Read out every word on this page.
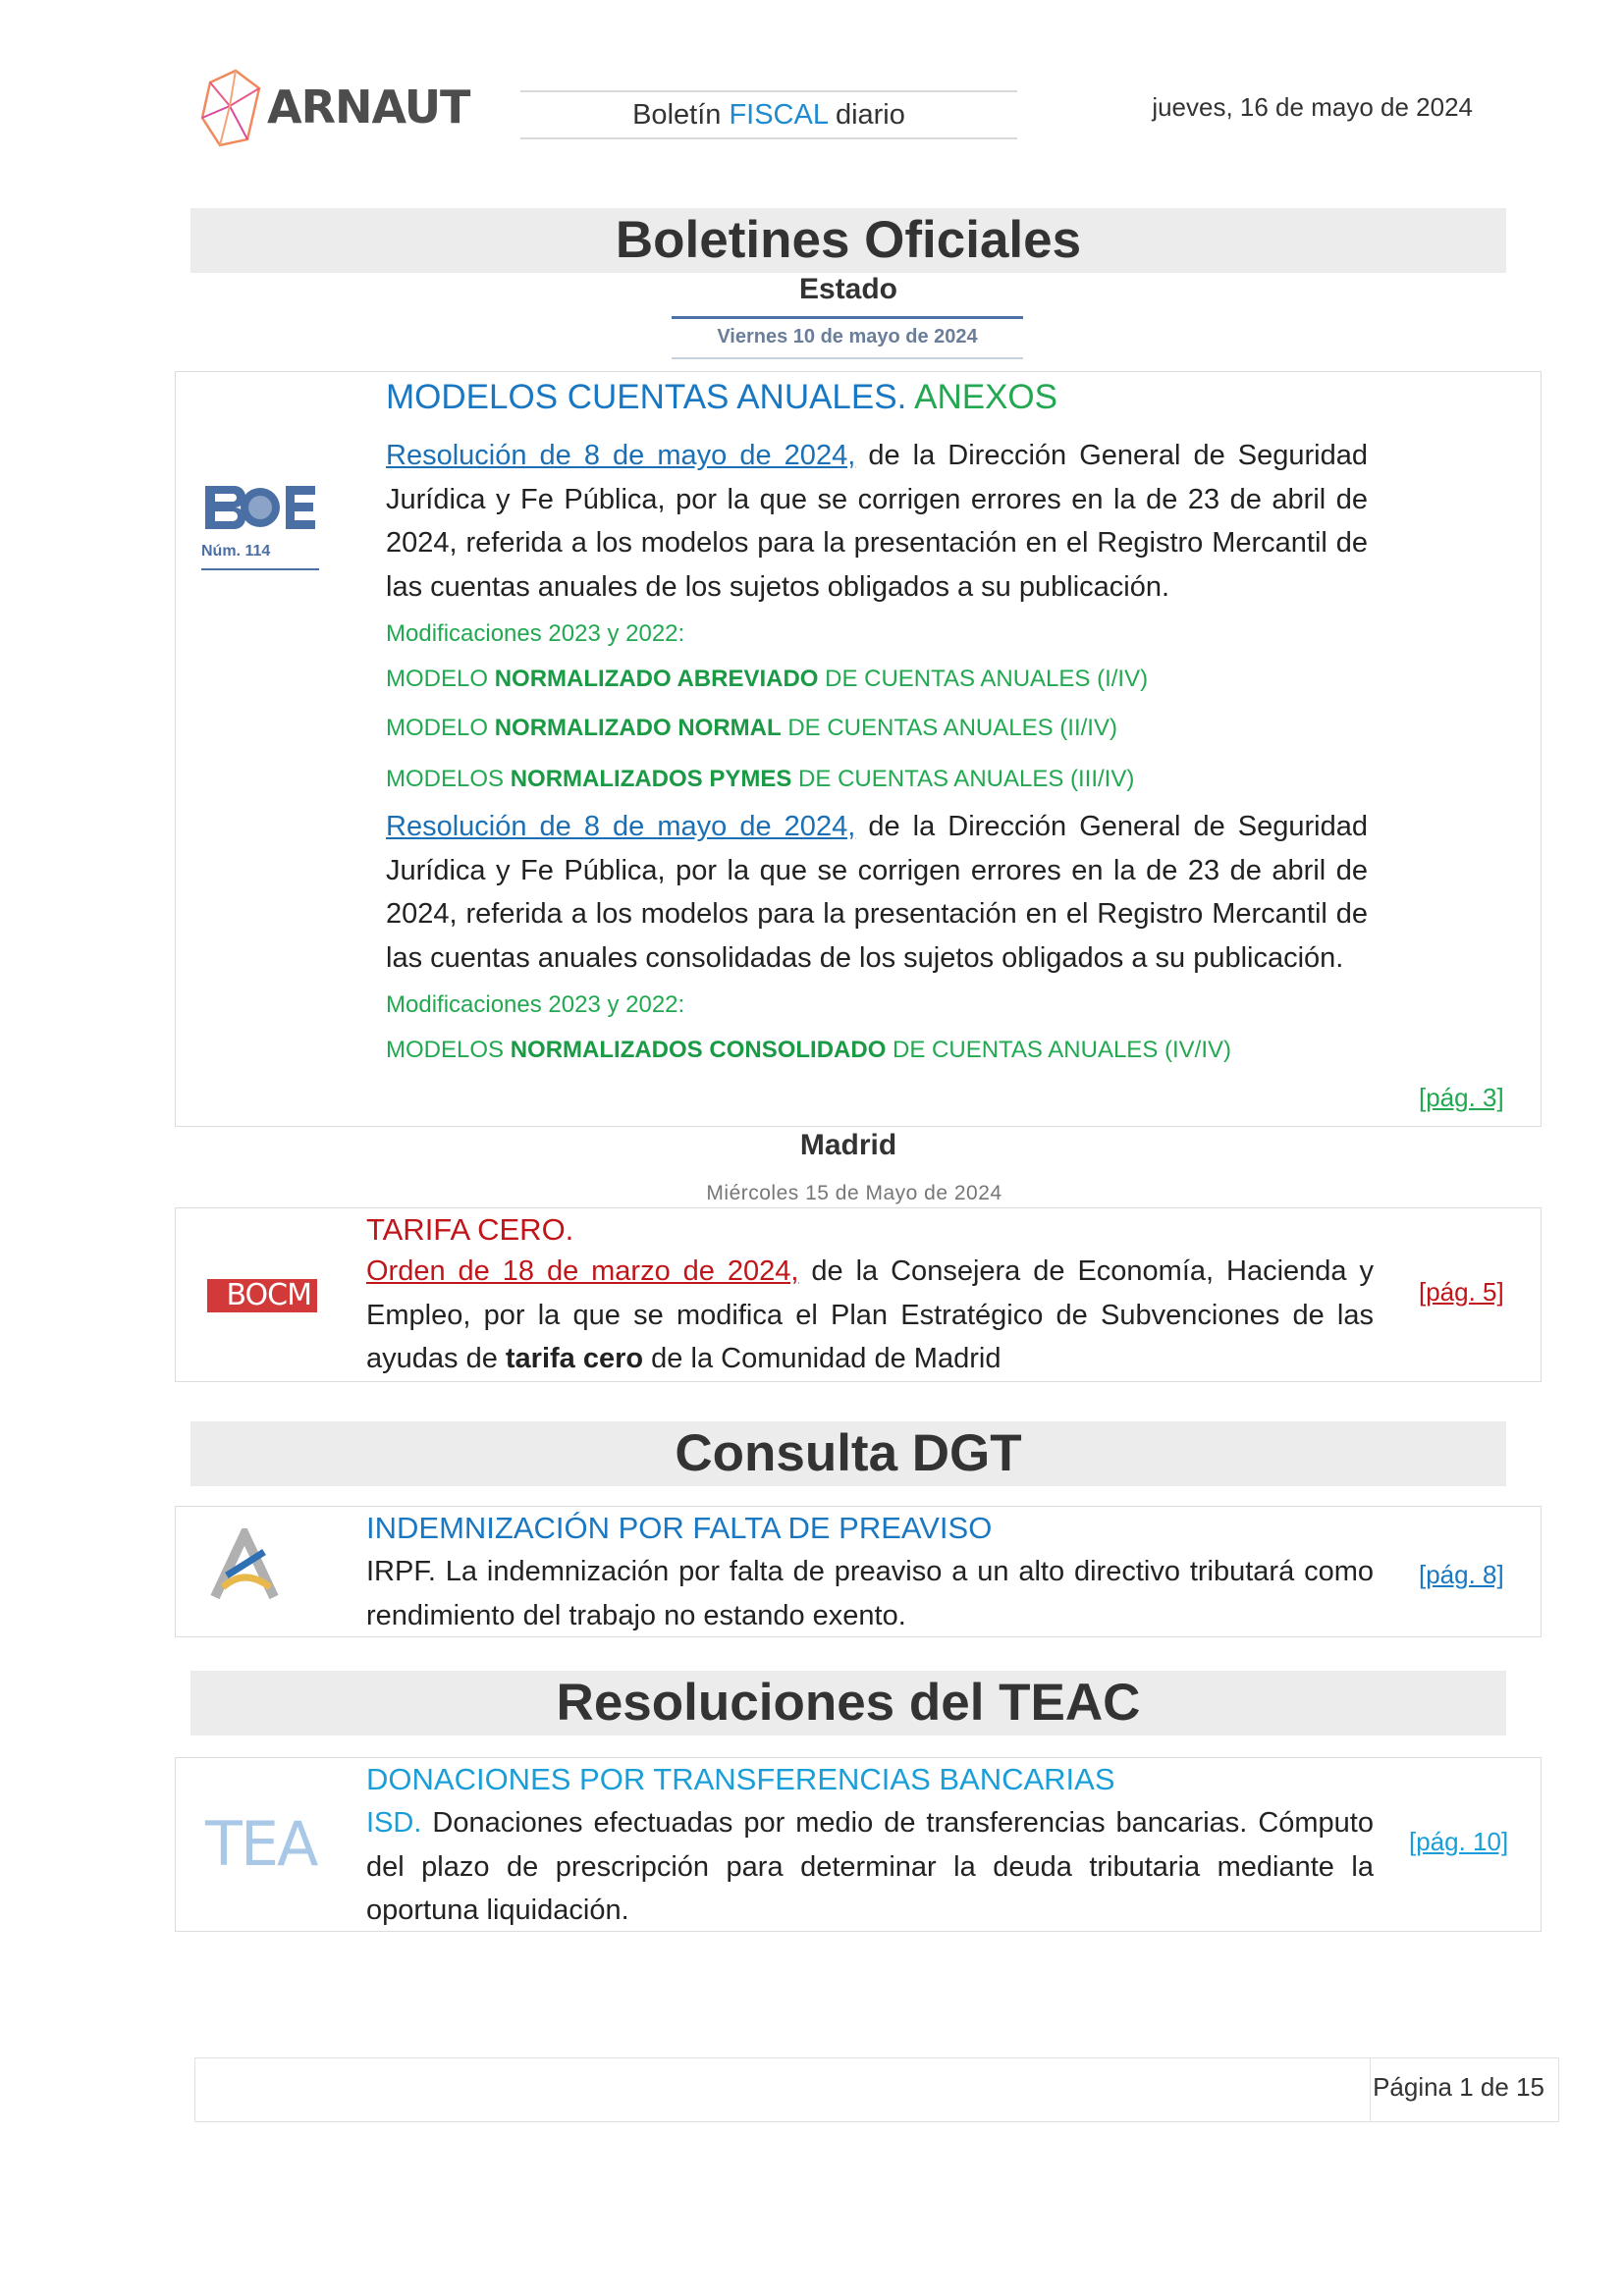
ARNAUT	Boletín FISCAL diario	jueves, 16 de mayo de 2024
Boletines Oficiales
Estado
Viernes 10 de mayo de 2024
Núm. 114
MODELOS CUENTAS ANUALES. ANEXOS

Resolución de 8 de mayo de 2024, de la Dirección General de Seguridad Jurídica y Fe Pública, por la que se corrigen errores en la de 23 de abril de 2024, referida a los modelos para la presentación en el Registro Mercantil de las cuentas anuales de los sujetos obligados a su publicación.

Modificaciones 2023 y 2022:
MODELO NORMALIZADO ABREVIADO DE CUENTAS ANUALES (I/IV)
MODELO NORMALIZADO NORMAL DE CUENTAS ANUALES (II/IV)
MODELOS NORMALIZADOS PYMES DE CUENTAS ANUALES (III/IV)

Resolución de 8 de mayo de 2024, de la Dirección General de Seguridad Jurídica y Fe Pública, por la que se corrigen errores en la de 23 de abril de 2024, referida a los modelos para la presentación en el Registro Mercantil de las cuentas anuales consolidadas de los sujetos obligados a su publicación.

Modificaciones 2023 y 2022:
MODELOS NORMALIZADOS CONSOLIDADO DE CUENTAS ANUALES (IV/IV)
[pág. 3]
Madrid
Miércoles 15 de Mayo de 2024
BOCM
TARIFA CERO.

Orden de 18 de marzo de 2024, de la Consejera de Economía, Hacienda y Empleo, por la que se modifica el Plan Estratégico de Subvenciones de las ayudas de tarifa cero de la Comunidad de Madrid

[pág. 5]
Consulta DGT
INDEMNIZACIÓN POR FALTA DE PREAVISO

IRPF. La indemnización por falta de preaviso a un alto directivo tributará como rendimiento del trabajo no estando exento.

[pág. 8]
Resoluciones del TEAC
TEA
DONACIONES POR TRANSFERENCIAS BANCARIAS

ISD. Donaciones efectuadas por medio de transferencias bancarias. Cómputo del plazo de prescripción para determinar la deuda tributaria mediante la oportuna liquidación.

[pág. 10]
Página 1 de 15
